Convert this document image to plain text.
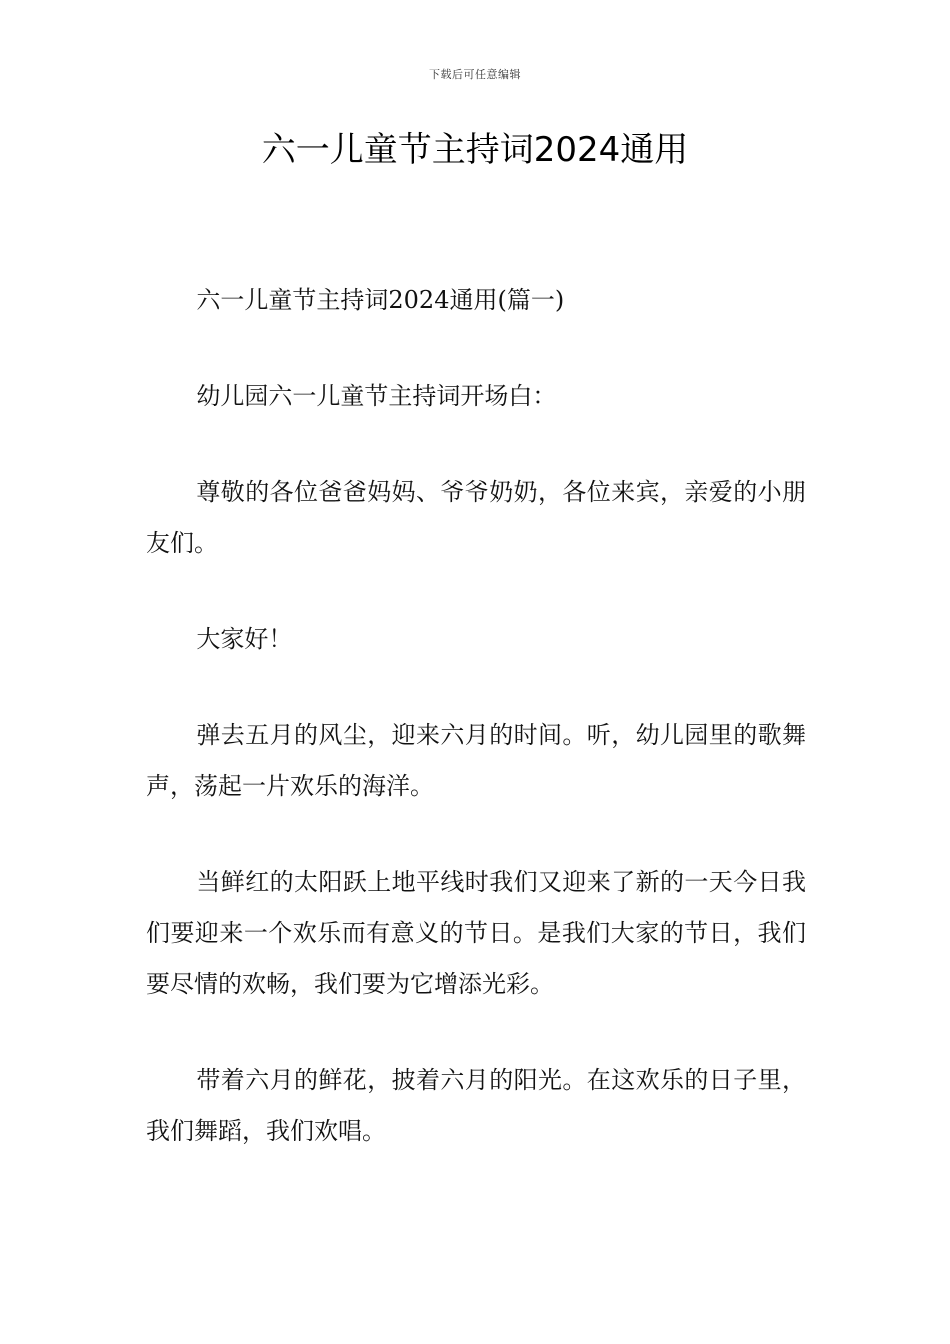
下载后可任意编辑
六一儿童节主持词2024通用

六一儿童节主持词2024通用(篇一)

幼儿园六一儿童节主持词开场白：

尊敬的各位爸爸妈妈、爷爷奶奶，各位来宾，亲爱的小朋友们。

大家好！

弹去五月的风尘，迎来六月的时间。听，幼儿园里的歌舞声，荡起一片欢乐的海洋。

当鲜红的太阳跃上地平线时我们又迎来了新的一天今日我们要迎来一个欢乐而有意义的节日。是我们大家的节日，我们要尽情的欢畅，我们要为它增添光彩。

带着六月的鲜花，披着六月的阳光。在这欢乐的日子里，我们舞蹈，我们欢唱。
